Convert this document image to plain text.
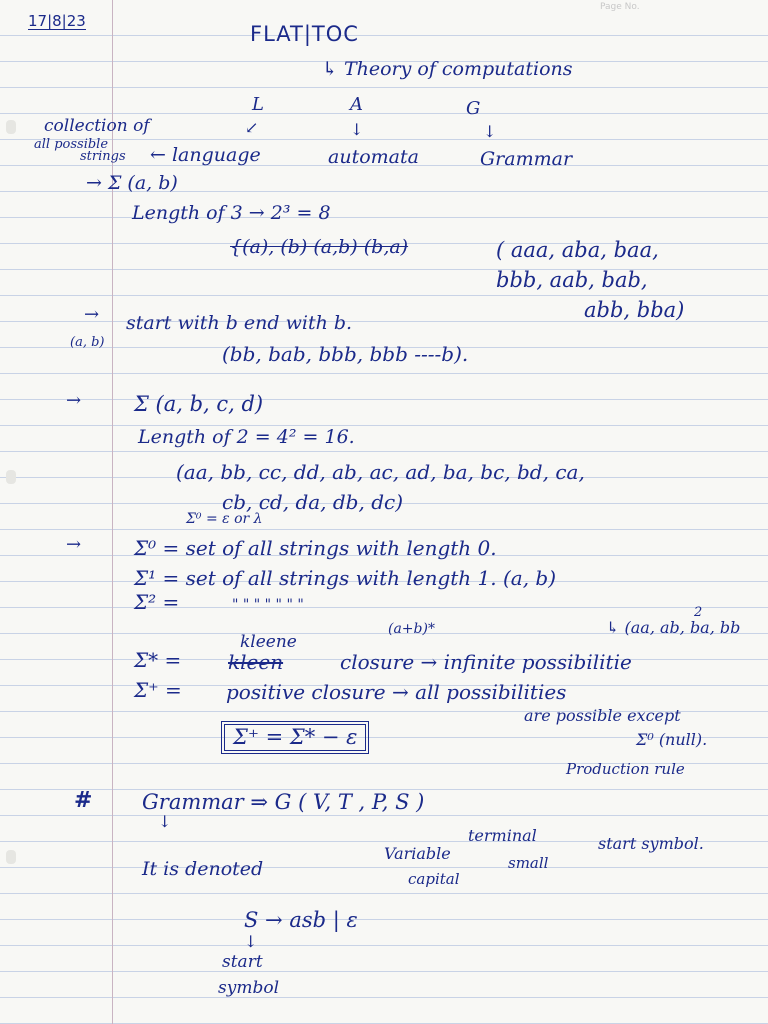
Page No.
17|8|23
FLAT|TOC
↳ Theory of computations
L	A	G
↙	↓	↓
collection of
all possible
strings ← language	automata	Grammar
→ Σ (a, b)
Length of 3 → 2³ = 8
{(a), (b) (a,b) (b,a)	( aaa, aba, baa,
bbb, aab, bab,
abb, bba)
→ start with b end with b.
(a, b)	(bb, bab, bbb, bbb ----b).
→	Σ (a, b, c, d)
Length of 2 = 4² = 16.
(aa, bb, cc, dd, ab, ac, ad, ba, bc, bd, ca,
cb, cd, da, db, dc)
Σ⁰ = ε or λ
→	Σ⁰ = set of all strings with length 0.
Σ¹ = set of all strings with length 1. (a, b)
Σ² =	" " " " " " "
(a+b)*
2
↳ (aa, ab, ba, bb
kleene
Σ* = kleen	closure → infinite possibilitie
Σ⁺ = positive closure → all possibilities
are possible except
Σ⁰ (null).
Σ⁺ = Σ* − ε
Production rule
# Grammar ⇒ G ( V, T , P, S )
↓
terminal	start symbol.
Variable	small
It is denoted	capital
S → asb | ε
↓
start
symbol
